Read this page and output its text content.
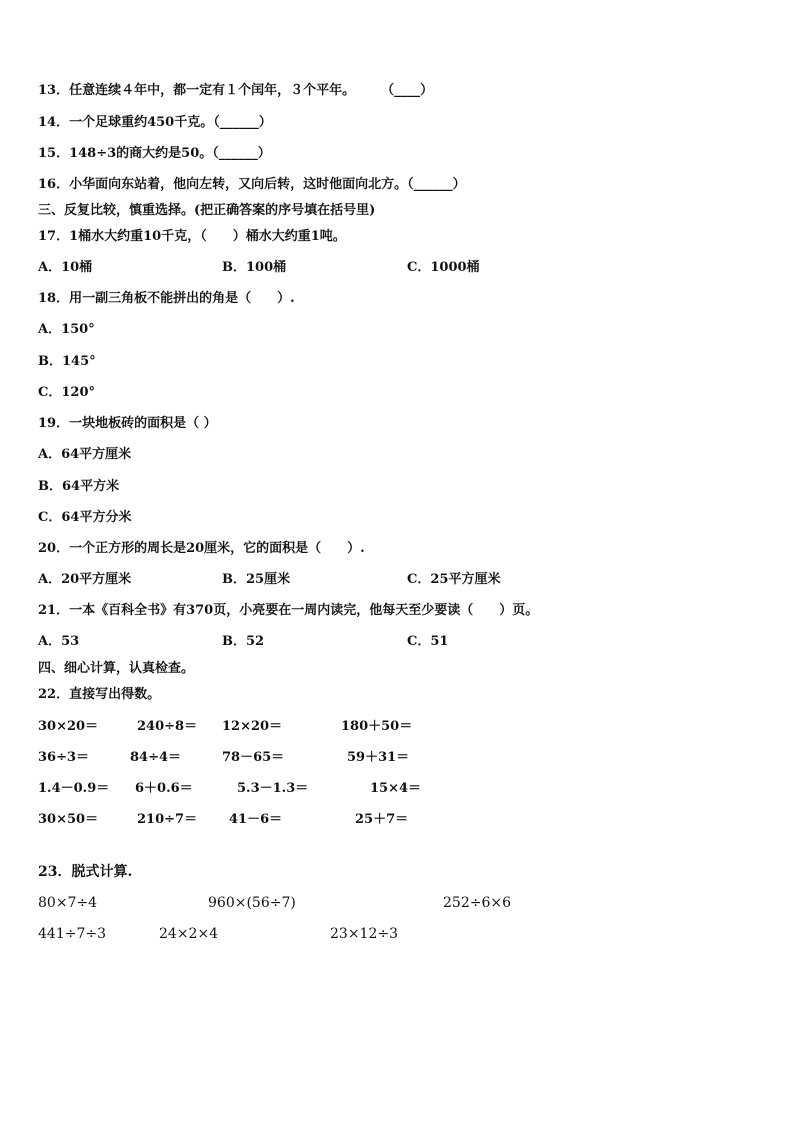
13．任意连续４年中，都一定有１个闰年，３个平年。 （____）
14．一个足球重约450千克。（______）
15．148÷3的商大约是50。（______）
16．小华面向东站着，他向左转，又向后转，这时他面向北方。（______）
三、反复比较，慎重选择。(把正确答案的序号填在括号里)
17．1桶水大约重10千克，（　　）桶水大约重1吨。
A．10桶	B．100桶	C．1000桶
18．用一副三角板不能拼出的角是（　　）.
A．150°
B．145°
C．120°
19．一块地板砖的面积是（ ）
A．64平方厘米
B．64平方米
C．64平方分米
20．一个正方形的周长是20厘米，它的面积是（　　）.
A．20平方厘米	B．25厘米	C．25平方厘米
21．一本《百科全书》有370页，小亮要在一周内读完，他每天至少要读（　　）页。
A．53	B．52	C．51
四、细心计算，认真检查。
22．直接写出得数。
30×20＝	240÷8＝ 12×20＝	180＋50＝
36÷3＝	84÷4＝	78－65＝	59＋31＝
1.4－0.9＝ 6＋0.6＝	5.3－1.3＝	15×4＝
30×50＝	210÷7＝ 41－6＝	25＋7＝
23．脱式计算.
80×7÷4	960×(56÷7)	252÷6×6
441÷7÷3	24×2×4	23×12÷3
